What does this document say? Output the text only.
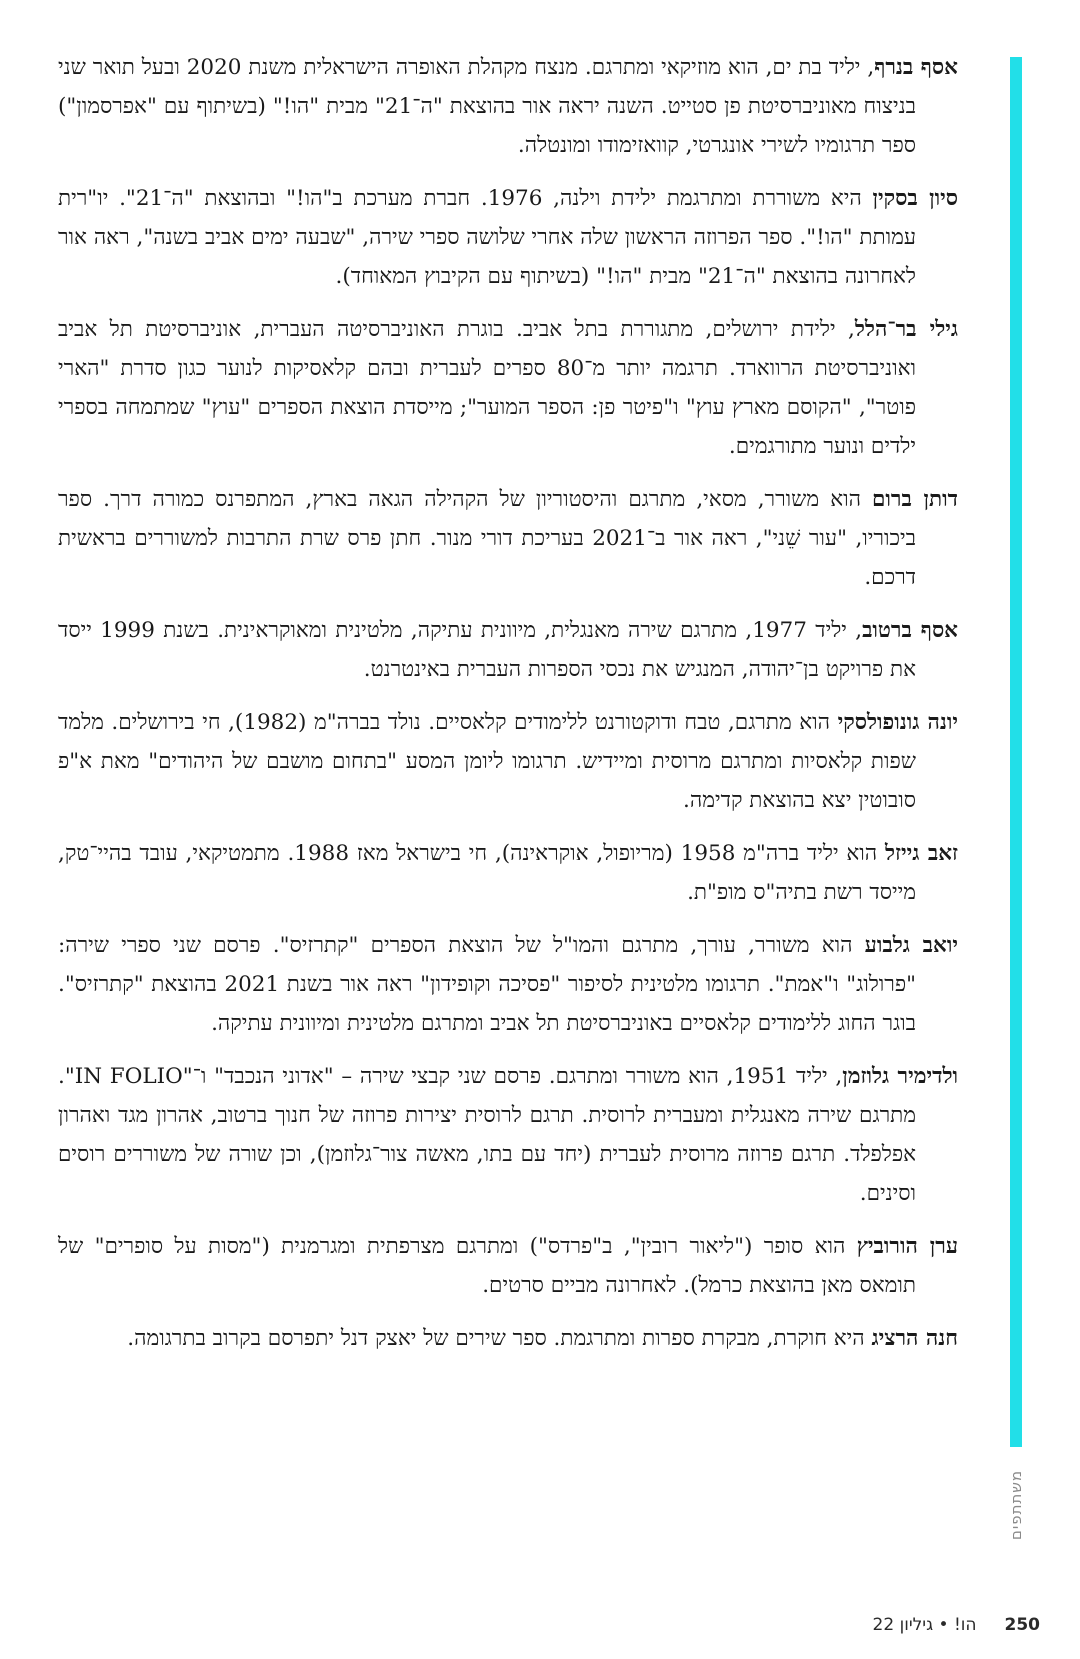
אסף בנרף, יליד בת ים, הוא מוזיקאי ומתרגם. מנצח מקהלת האופרה הישראלית משנת 2020 ובעל תואר שני בניצוח מאוניברסיטת פן סטייט. השנה יראה אור בהוצאת "ה־21" מבית "הו!" (בשיתוף עם "אפרסמון") ספר תרגומיו לשירי אונגרטי, קוואזימודו ומונטלה.

סיון בסקין היא משוררת ומתרגמת ילידת וילנה, 1976. חברת מערכת ב"הו!" ובהוצאת "ה־21". יו"רית עמותת "הו!". ספר הפרוזה הראשון שלה אחרי שלושה ספרי שירה, "שבעה ימים אביב בשנה", ראה אור לאחרונה בהוצאת "ה־21" מבית "הו!" (בשיתוף עם הקיבוץ המאוחד).

גילי בר־הלל, ילידת ירושלים, מתגוררת בתל אביב. בוגרת האוניברסיטה העברית, אוניברסיטת תל אביב ואוניברסיטת הרווארד. תרגמה יותר מ־80 ספרים לעברית ובהם קלאסיקות לנוער כגון סדרת "הארי פוטר", "הקוסם מארץ עוץ" ו"פיטר פן: הספר המוער"; מייסדת הוצאת הספרים "עוץ" שמתמחה בספרי ילדים ונוער מתורגמים.

דותן ברום הוא משורר, מסאי, מתרגם והיסטוריון של הקהילה הגאה בארץ, המתפרנס כמורה דרך. ספר ביכוריו, "עור שֵׁני", ראה אור ב־2021 בעריכת דורי מנור. חתן פרס שרת התרבות למשוררים בראשית דרכם.

אסף ברטוב, יליד 1977, מתרגם שירה מאנגלית, מיוונית עתיקה, מלטינית ומאוקראינית. בשנת 1999 ייסד את פרויקט בן־יהודה, המנגיש את נכסי הספרות העברית באינטרנט.

יונה גונופולסקי הוא מתרגם, טבח ודוקטורנט ללימודים קלאסיים. נולד בברה"מ (1982), חי בירושלים. מלמד שפות קלאסיות ומתרגם מרוסית ומיידיש. תרגומו ליומן המסע "בתחום מושבם של היהודים" מאת א"פ סובוטין יצא בהוצאת קדימה.

זאב גייזל הוא יליד ברה"מ 1958 (מריופול, אוקראינה), חי בישראל מאז 1988. מתמטיקאי, עובד בהיי־טק, מייסד רשת בתיה"ס מופ"ת.

יואב גלבוע הוא משורר, עורך, מתרגם והמו"ל של הוצאת הספרים "קתרזיס". פרסם שני ספרי שירה: "פרולוג" ו"אמת". תרגומו מלטינית לסיפור "פסיכה וקופידון" ראה אור בשנת 2021 בהוצאת "קתרזיס". בוגר החוג ללימודים קלאסיים באוניברסיטת תל אביב ומתרגם מלטינית ומיוונית עתיקה.

ולדימיר גלוזמן, יליד 1951, הוא משורר ומתרגם. פרסם שני קבצי שירה – "אדוני הנכבד" ו־"IN FOLIO". מתרגם שירה מאנגלית ומעברית לרוסית. תרגם לרוסית יצירות פרוזה של חנוך ברטוב, אהרון מגד ואהרון אפלפלד. תרגם פרוזה מרוסית לעברית (יחד עם בתו, מאשה צור־גלוזמן), וכן שורה של משוררים רוסים וסינים.

ערן הורוביץ הוא סופר ("ליאור רובין", ב"פרדס") ומתרגם מצרפתית ומגרמנית ("מסות על סופרים" של תומאס מאן בהוצאת כרמל). לאחרונה מביים סרטים.

חנה הרציג היא חוקרת, מבקרת ספרות ומתרגמת. ספר שירים של יאצק דנל יתפרסם בקרוב בתרגומה.

משתתפים
250
הו! • גיליון 22
